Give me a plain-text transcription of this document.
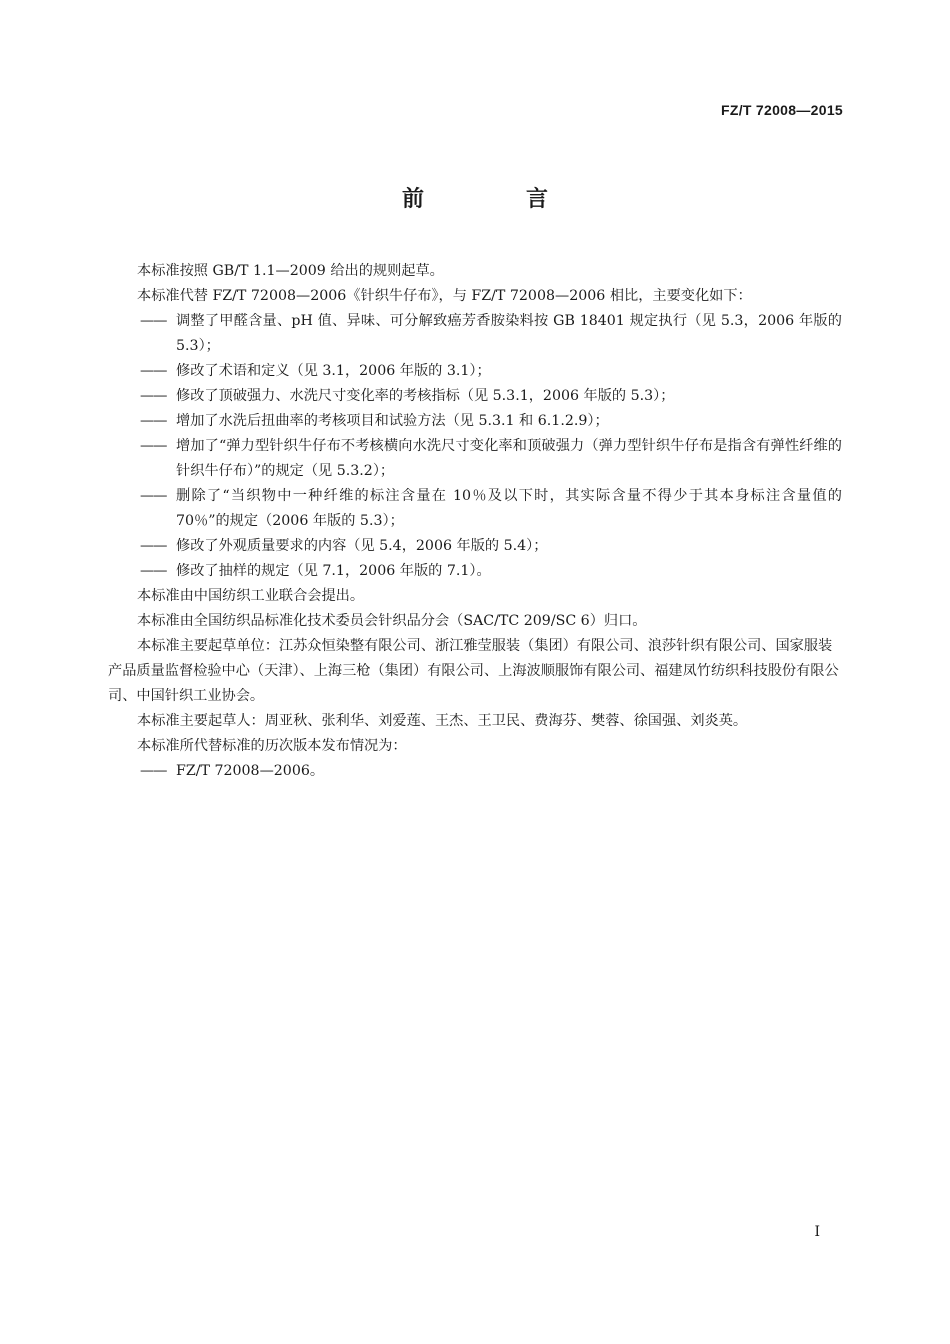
FZ/T 72008—2015
前　言

本标准按照 GB/T 1.1—2009 给出的规则起草。

本标准代替 FZ/T 72008—2006《针织牛仔布》，与 FZ/T 72008—2006 相比，主要变化如下：

—— 调整了甲醛含量、pH 值、异味、可分解致癌芳香胺染料按 GB 18401 规定执行（见 5.3，2006 年版的 5.3）；
—— 修改了术语和定义（见 3.1，2006 年版的 3.1）；
—— 修改了顶破强力、水洗尺寸变化率的考核指标（见 5.3.1，2006 年版的 5.3）；
—— 增加了水洗后扭曲率的考核项目和试验方法（见 5.3.1 和 6.1.2.9）；
—— 增加了“弹力型针织牛仔布不考核横向水洗尺寸变化率和顶破强力（弹力型针织牛仔布是指含有弹性纤维的针织牛仔布）”的规定（见 5.3.2）；
—— 删除了“当织物中一种纤维的标注含量在 10％及以下时，其实际含量不得少于其本身标注含量值的 70％”的规定（2006 年版的 5.3）；
—— 修改了外观质量要求的内容（见 5.4，2006 年版的 5.4）；
—— 修改了抽样的规定（见 7.1，2006 年版的 7.1）。

本标准由中国纺织工业联合会提出。

本标准由全国纺织品标准化技术委员会针织品分会（SAC/TC 209/SC 6）归口。

本标准主要起草单位：江苏众恒染整有限公司、浙江雅莹服装（集团）有限公司、浪莎针织有限公司、国家服装产品质量监督检验中心（天津）、上海三枪（集团）有限公司、上海波顺服饰有限公司、福建凤竹纺织科技股份有限公司、中国针织工业协会。

本标准主要起草人：周亚秋、张利华、刘爱莲、王杰、王卫民、费海芬、樊蓉、徐国强、刘炎英。

本标准所代替标准的历次版本发布情况为：

—— FZ/T 72008—2006。
I
